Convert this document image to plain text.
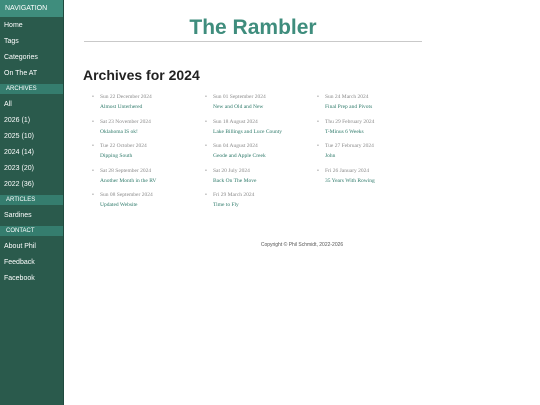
NAVIGATION
Home
Tags
Categories
On The AT
ARCHIVES
All
2026 (1)
2025 (10)
2024 (14)
2023 (20)
2022 (36)
ARTICLES
Sardines
CONTACT
About Phil
Feedback
Facebook
The Rambler
Archives for 2024
• Sun 22 December 2024
Almost Unterhered
• Sat 23 November 2024
Oklahoma IS ok!
• Tue 22 October 2024
Dipping South
• Sat 28 September 2024
Another Month in the RV
• Sun 08 September 2024
Updated Website
• Sun 01 September 2024
New and Old and New
• Sun 18 August 2024
Lake Billings and Luce County
• Sun 04 August 2024
Geode and Apple Creek
• Sat 20 July 2024
Back On The Move
• Fri 29 March 2024
Time to Fly
• Sun 24 March 2024
Final Prep and Pivots
• Thu 29 February 2024
T-Minus 6 Weeks
• Tue 27 February 2024
John
• Fri 26 January 2024
35 Years With Rowing
Copyright © Phil Schmidt, 2022-2026
